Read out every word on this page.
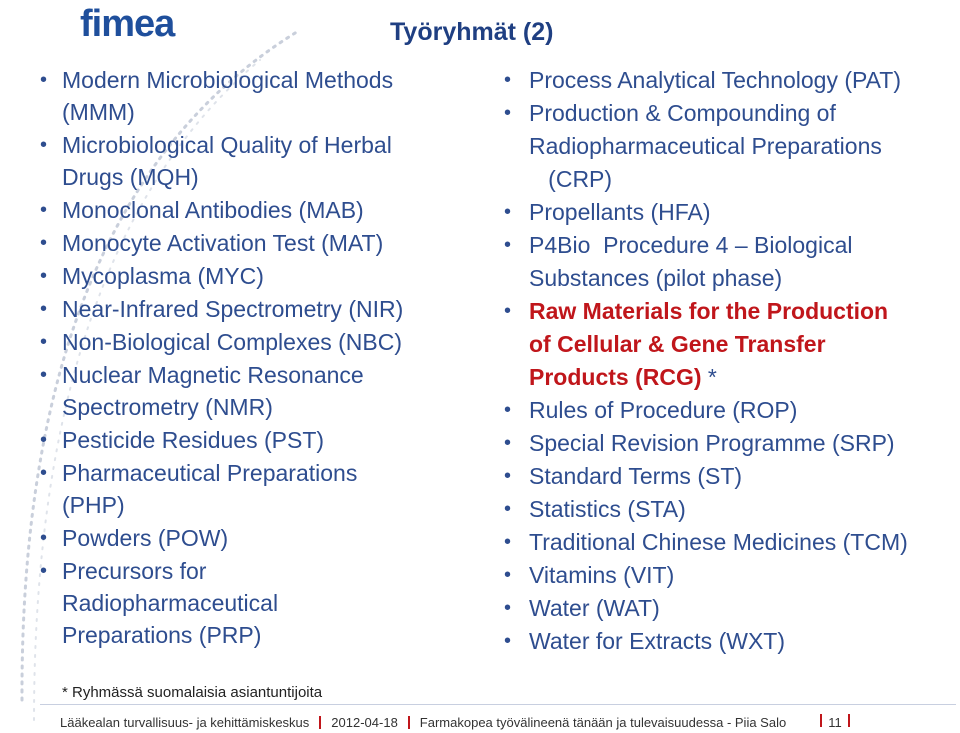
fimea	Työryhmät (2)
• Modern Microbiological Methods
(MMM)
• Microbiological Quality of Herbal
Drugs (MQH)
• Monoclonal Antibodies (MAB)
• Monocyte Activation Test (MAT)
• Mycoplasma (MYC)
• Near-Infrared Spectrometry (NIR)
• Non-Biological Complexes (NBC)
• Nuclear Magnetic Resonance
Spectrometry (NMR)
• Pesticide Residues (PST)
• Pharmaceutical Preparations
(PHP)
• Powders (POW)
• Precursors for
Radiopharmaceutical
Preparations (PRP)
• Process Analytical Technology (PAT)
• Production & Compounding of
Radiopharmaceutical Preparations
(CRP)
• Propellants (HFA)
• P4Bio  Procedure 4 – Biological
Substances (pilot phase)
• Raw Materials for the Production
of Cellular & Gene Transfer
Products (RCG) *
• Rules of Procedure (ROP)
• Special Revision Programme (SRP)
• Standard Terms (ST)
• Statistics (STA)
• Traditional Chinese Medicines (TCM)
• Vitamins (VIT)
• Water (WAT)
• Water for Extracts (WXT)
* Ryhmässä suomalaisia asiantuntijoita
Lääkealan turvallisuus- ja kehittämiskeskus 2012-04-18 Farmakopea työvälineenä tänään ja tulevaisuudessa - Piia Salo	11
